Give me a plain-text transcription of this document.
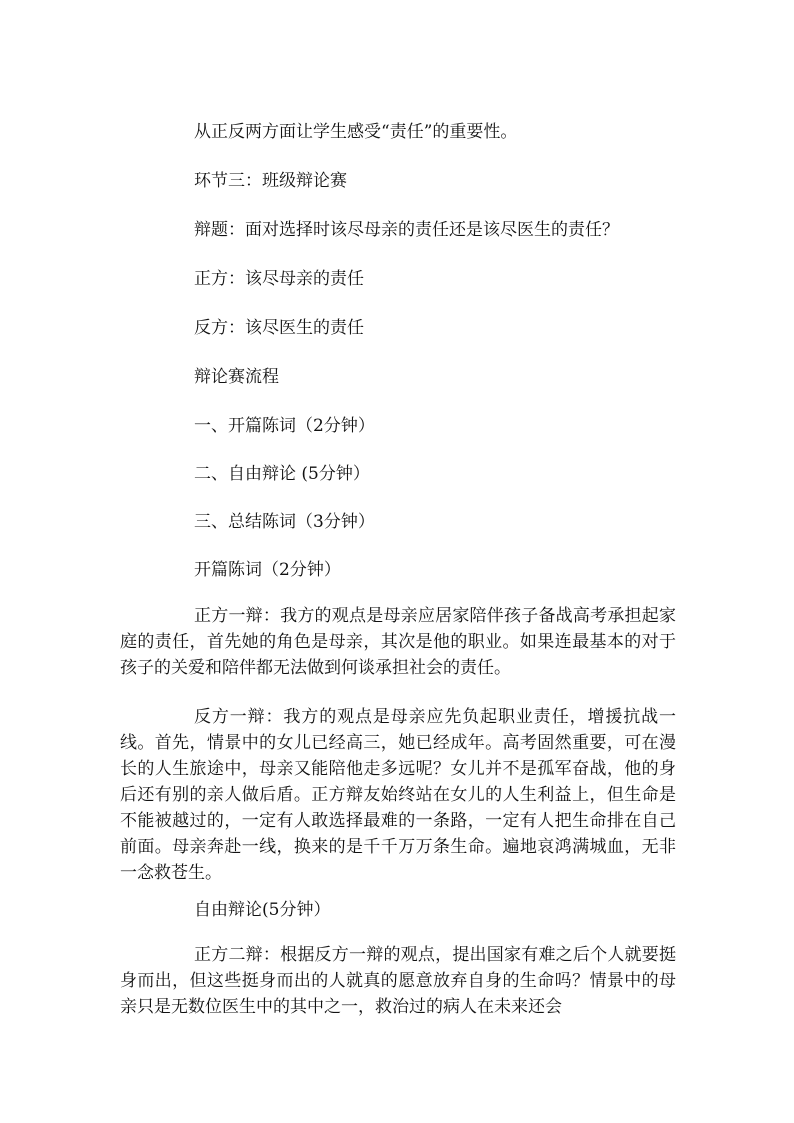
从正反两方面让学生感受“责任”的重要性。
环节三：班级辩论赛
辩题：面对选择时该尽母亲的责任还是该尽医生的责任？
正方：该尽母亲的责任
反方：该尽医生的责任
辩论赛流程
一、开篇陈词（2分钟）
二、自由辩论 (5分钟）
三、总结陈词（3分钟）
开篇陈词（2分钟）

正方一辩：我方的观点是母亲应居家陪伴孩子备战高考承担起家庭的责任，首先她的角色是母亲，其次是他的职业。如果连最基本的对于孩子的关爱和陪伴都无法做到何谈承担社会的责任。

反方一辩：我方的观点是母亲应先负起职业责任，增援抗战一线。首先，情景中的女儿已经高三，她已经成年。高考固然重要，可在漫长的人生旅途中，母亲又能陪他走多远呢？女儿并不是孤军奋战，他的身后还有别的亲人做后盾。正方辩友始终站在女儿的人生利益上，但生命是不能被越过的，一定有人敢选择最难的一条路，一定有人把生命排在自己前面。母亲奔赴一线，换来的是千千万万条生命。遍地哀鸿满城血，无非一念救苍生。

自由辩论(5分钟）

正方二辩：根据反方一辩的观点，提出国家有难之后个人就要挺身而出，但这些挺身而出的人就真的愿意放弃自身的生命吗？情景中的母亲只是无数位医生中的其中之一，救治过的病人在未来还会
